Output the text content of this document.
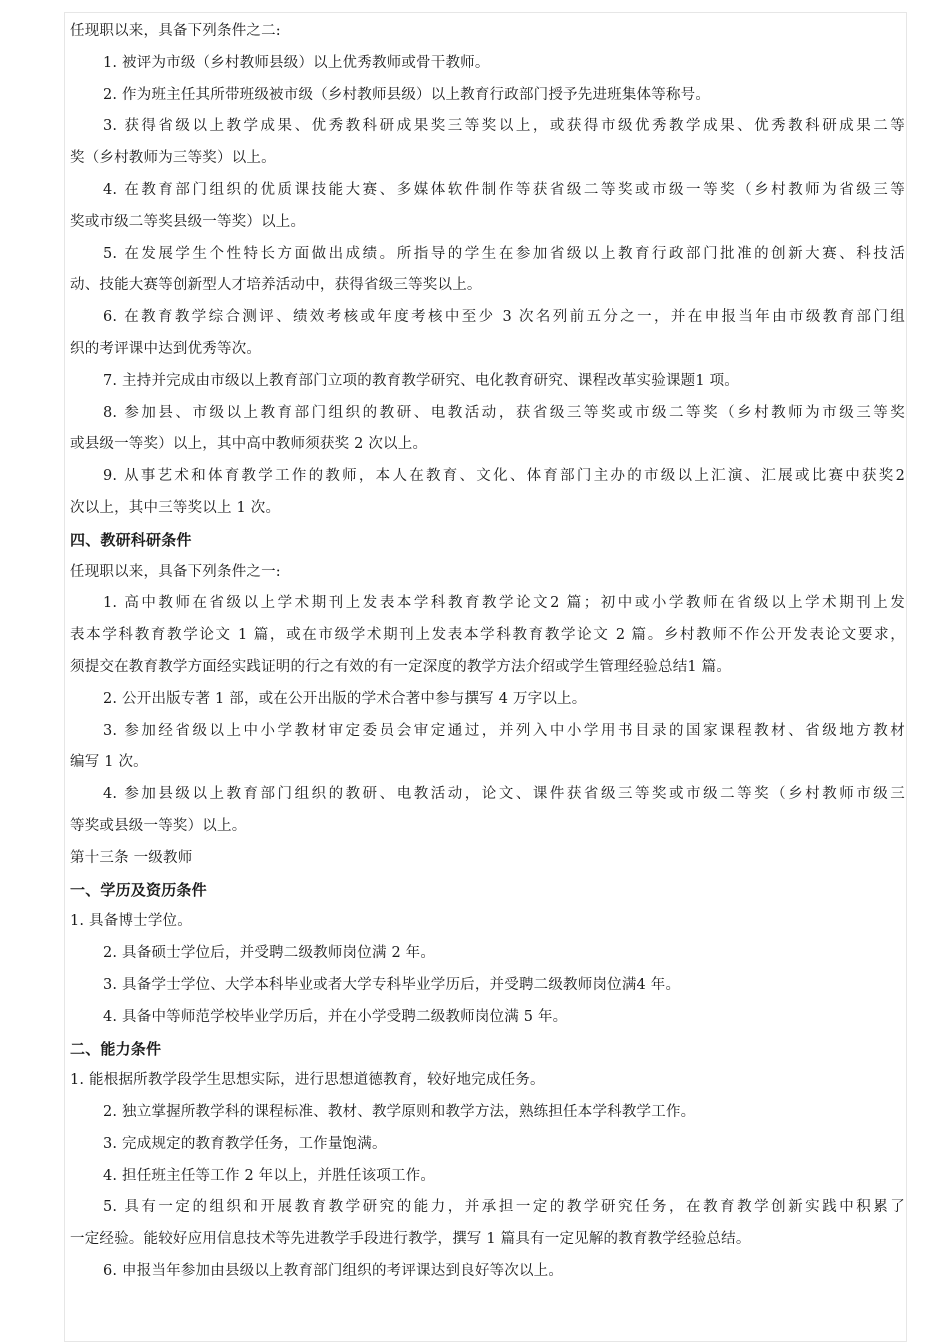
任现职以来，具备下列条件之二:
1. 被评为市级（乡村教师县级）以上优秀教师或骨干教师。
2. 作为班主任其所带班级被市级（乡村教师县级）以上教育行政部门授予先进班集体等称号。
3. 获得省级以上教学成果、优秀教科研成果奖三等奖以上，或获得市级优秀教学成果、优秀教科研成果二等
奖（乡村教师为三等奖）以上。
4. 在教育部门组织的优质课技能大赛、多媒体软件制作等获省级二等奖或市级一等奖（乡村教师为省级三等
奖或市级二等奖县级一等奖）以上。
5. 在发展学生个性特长方面做出成绩。所指导的学生在参加省级以上教育行政部门批准的创新大赛、科技活
动、技能大赛等创新型人才培养活动中，获得省级三等奖以上。
6. 在教育教学综合测评、绩效考核或年度考核中至少 3 次名列前五分之一，并在申报当年由市级教育部门组
织的考评课中达到优秀等次。
7. 主持并完成由市级以上教育部门立项的教育教学研究、电化教育研究、课程改革实验课题1 项。
8. 参加县、市级以上教育部门组织的教研、电教活动，获省级三等奖或市级二等奖（乡村教师为市级三等奖
或县级一等奖）以上，其中高中教师须获奖 2 次以上。
9. 从事艺术和体育教学工作的教师，本人在教育、文化、体育部门主办的市级以上汇演、汇展或比赛中获奖2
次以上，其中三等奖以上 1 次。
四、教研科研条件
任现职以来，具备下列条件之一:
1. 高中教师在省级以上学术期刊上发表本学科教育教学论文2 篇；初中或小学教师在省级以上学术期刊上发
表本学科教育教学论文 1 篇，或在市级学术期刊上发表本学科教育教学论文 2 篇。乡村教师不作公开发表论文要求，
须提交在教育教学方面经实践证明的行之有效的有一定深度的教学方法介绍或学生管理经验总结1 篇。
2. 公开出版专著 1 部，或在公开出版的学术合著中参与撰写 4 万字以上。
3. 参加经省级以上中小学教材审定委员会审定通过，并列入中小学用书目录的国家课程教材、省级地方教材
编写 1 次。
4. 参加县级以上教育部门组织的教研、电教活动，论文、课件获省级三等奖或市级二等奖（乡村教师市级三
等奖或县级一等奖）以上。
第十三条 一级教师
一、学历及资历条件
1. 具备博士学位。
2. 具备硕士学位后，并受聘二级教师岗位满 2 年。
3. 具备学士学位、大学本科毕业或者大学专科毕业学历后，并受聘二级教师岗位满4 年。
4. 具备中等师范学校毕业学历后，并在小学受聘二级教师岗位满 5 年。
二、能力条件
1. 能根据所教学段学生思想实际，进行思想道德教育，较好地完成任务。
2. 独立掌握所教学科的课程标准、教材、教学原则和教学方法，熟练担任本学科教学工作。
3. 完成规定的教育教学任务，工作量饱满。
4. 担任班主任等工作 2 年以上，并胜任该项工作。
5. 具有一定的组织和开展教育教学研究的能力，并承担一定的教学研究任务，在教育教学创新实践中积累了
一定经验。能较好应用信息技术等先进教学手段进行教学，撰写 1 篇具有一定见解的教育教学经验总结。
6. 申报当年参加由县级以上教育部门组织的考评课达到良好等次以上。
